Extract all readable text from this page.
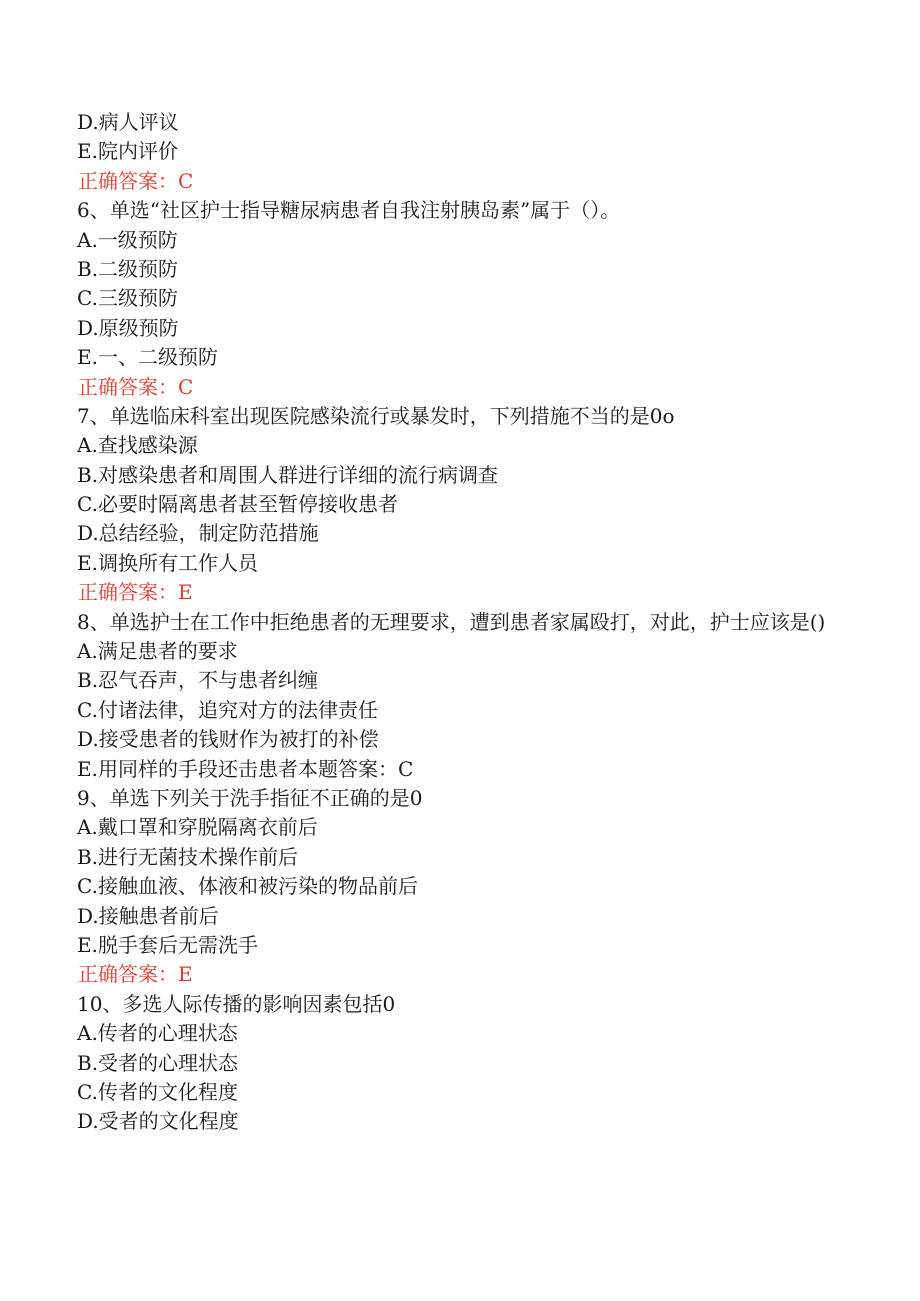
D.病人评议
E.院内评价
正确答案：C
6、单选“社区护士指导糖尿病患者自我注射胰岛素”属于（）。
A.一级预防
B.二级预防
C.三级预防
D.原级预防
E.一、二级预防
正确答案：C
7、单选临床科室出现医院感染流行或暴发时，下列措施不当的是0o
A.查找感染源
B.对感染患者和周围人群进行详细的流行病调查
C.必要时隔离患者甚至暂停接收患者
D.总结经验，制定防范措施
E.调换所有工作人员
正确答案：E
8、单选护士在工作中拒绝患者的无理要求，遭到患者家属殴打，对此，护士应该是()
A.满足患者的要求
B.忍气吞声，不与患者纠缠
C.付诸法律，追究对方的法律责任
D.接受患者的钱财作为被打的补偿
E.用同样的手段还击患者本题答案：C
9、单选下列关于洗手指征不正确的是0
A.戴口罩和穿脱隔离衣前后
B.进行无菌技术操作前后
C.接触血液、体液和被污染的物品前后
D.接触患者前后
E.脱手套后无需洗手
正确答案：E
10、多选人际传播的影响因素包括0
A.传者的心理状态
B.受者的心理状态
C.传者的文化程度
D.受者的文化程度
